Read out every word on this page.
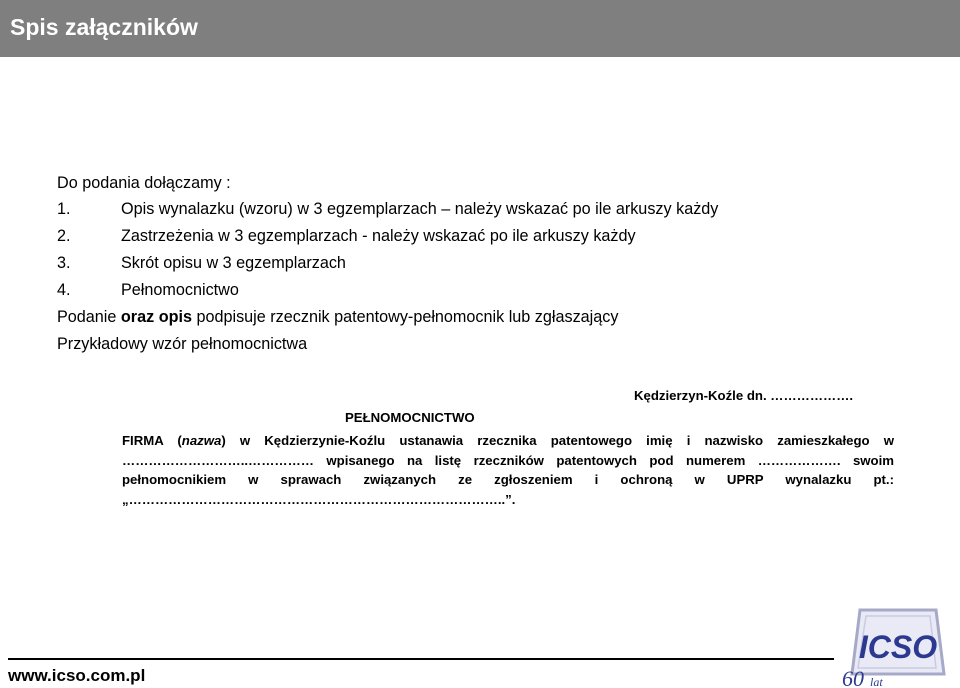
Spis załączników
Do podania dołączamy :
1.	Opis wynalazku (wzoru) w 3 egzemplarzach – należy wskazać po ile arkuszy każdy
2.	Zastrzeżenia w 3 egzemplarzach - należy wskazać po ile arkuszy każdy
3.	Skrót opisu w 3 egzemplarzach
4.	Pełnomocnictwo
Podanie oraz opis podpisuje rzecznik patentowy-pełnomocnik lub zgłaszający
Przykładowy wzór pełnomocnictwa
Kędzierzyn-Koźle dn. ……………….
PEŁNOMOCNICTWO
FIRMA (nazwa) w Kędzierzynie-Koźlu ustanawia rzecznika patentowego imię i nazwisko zamieszkałego w
………………………..…………… wpisanego na listę rzeczników patentowych pod numerem ………………. swoim
pełnomocnikiem w sprawach związanych ze zgłoszeniem i ochroną w UPRP wynalazku pt.:
„…………………………………………………………………………..”.
www.icso.com.pl
ICSO
60 lat
